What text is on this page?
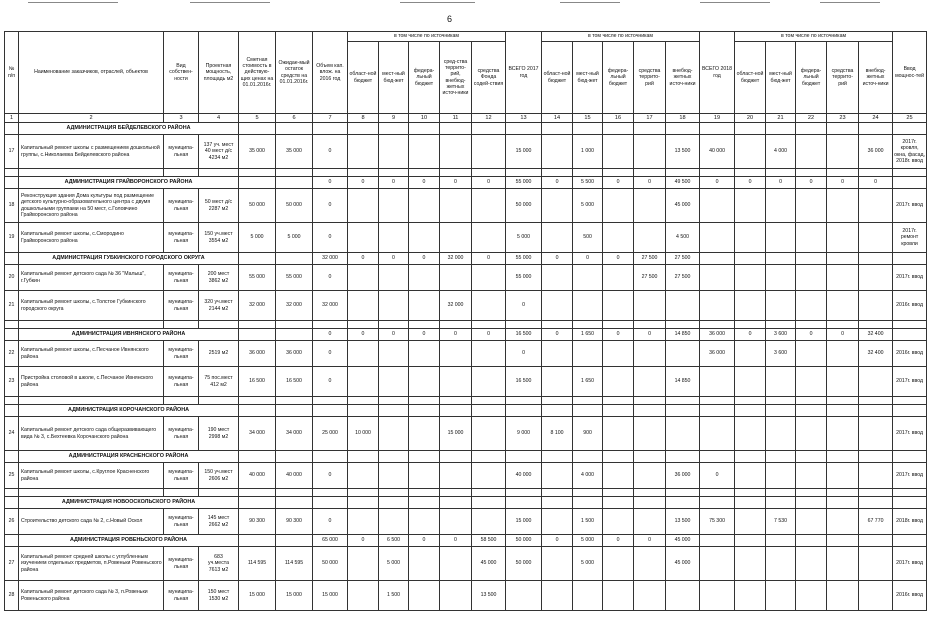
6
№
п/п	Наименование заказчиков, отраслей, объектов	Вид собствен-ности	Проектная мощность, площадь м2	Сметная стоимость в действую-щих ценах на 01.01.2016г.	Ожидае-мый остаток средств на 01.01.2016г.	Объем кап. влож. на 2016 год	в том числе по источникам					ВСЕГО 2017 год	в том числе по источникам					ВСЕГО 2018 год	в том числе по источникам					Ввод мощнос-тей
							област-ной бюджет	мест-ный бюд-жет	федера-льный бюджет	сред-ства террито-рий, внебюд-жетных источ-ники	средства Фонда содей-ствия		област-ной бюджет	мест-ный бюд-жет	федера-льный бюджет	средства террито-рий	внебюд-жетных источ-ники		област-ной бюджет	мест-ный бюд-жет	федера-льный бюджет	средства террито-рий	внебюд-жетных источ-ники	
1	2	3	4	5	6	7	8	9	10	11	12	13	14	15	16	17	18	19	20	21	22	23	24	25
	АДМИНИСТРАЦИЯ БЕЙДЕЛЕВСКОГО РАЙОНА																							
17	Капитальный ремонт школы с размещением дошкольной группы, с.Николаевка Бейделевского района	муниципа-льная	137 уч. мест
40 мест д/с
4234 м2	35 000	35 000	0						15 000		1 000			13 500	40 000		4 000			36 000	2017г. кровля, окна, фасад, 2018г. ввод

	АДМИНИСТРАЦИЯ ГРАЙВОРОНСКОГО РАЙОНА					0	0	0	0	0	0	55 000	0	5 500	0	0	49 500	0	0	0	0	0	0	
18	Реконструкция здания Дома культуры под размещение детского культурно-образовательного центра с двумя дошкольными группами на 50 мест, с.Головчино Грайворонского района	муниципа-льная	50 мест д/с
2287 м2	50 000	50 000	0						50 000		5 000			45 000							2017г. ввод
19	Капитальный ремонт школы, с.Смородино Грайворонского района	муниципа-льная	150 уч.мест
3554 м2	5 000	5 000	0						5 000		500			4 500							2017г. ремонт кровли
	АДМИНИСТРАЦИЯ ГУБКИНСКОГО ГОРОДСКОГО ОКРУГА					32 000	0	0	0	32 000	0	55 000	0	0	0	27 500	27 500							
20	Капитальный ремонт детского сада № 36 "Малыш", г.Губкин	муниципа-льная	200 мест
3862 м2	55 000	55 000	0						55 000				27 500	27 500							2017г. ввод
21	Капитальный ремонт школы, с.Толстое Губкинского городского округа	муниципа-льная	320 уч.мест
2144 м2	32 000	32 000	32 000				32 000		0												2016г. ввод

	АДМИНИСТРАЦИЯ ИВНЯНСКОГО РАЙОНА					0	0	0	0	0	0	16 500	0	1 650	0	0	14 850	36 000	0	3 600	0	0	32 400	
22	Капитальный ремонт школы, с.Песчаное Ивнянского района	муниципа-льная	2519 м2	36 000	36 000	0						0						36 000		3 600			32 400	2016г. ввод
23	Пристройка столовой в школе, с.Песчаное Ивнянского района	муниципа-льная	75 пос.мест
412 м2	16 500	16 500	0						16 500		1 650			14 850							2017г. ввод

	АДМИНИСТРАЦИЯ КОРОЧАНСКОГО РАЙОНА																							
24	Капитальный ремонт детского сада общеразвивающего вида № 3, с.Бехтеевка Корочанского района	муниципа-льная	190 мест
2998 м2	34 000	34 000	25 000	10 000			15 000		9 000	8 100	900										2017г. ввод
	АДМИНИСТРАЦИЯ КРАСНЕНСКОГО РАЙОНА																							
25	Капитальный ремонт школы, с.Круглое Красненского района	муниципа-льная	150 уч.мест
2606 м2	40 000	40 000	0						40 000		4 000			36 000	0						2017г. ввод

	АДМИНИСТРАЦИЯ НОВООСКОЛЬСКОГО РАЙОНА																							
26	Строительство детского сада № 2, с.Новый Оскол	муниципа-льная	145 мест
2662 м2	90 300	90 300	0						15 000		1 500			13 500	75 300		7 530			67 770	2018г. ввод
	АДМИНИСТРАЦИЯ РОВЕНЬСКОГО РАЙОНА					65 000	0	6 500	0	0	58 500	50 000	0	5 000	0	0	45 000							
27	Капитальный ремонт средней школы с углубленным изучением отдельных предметов, п.Ровеньки Ровеньского района	муниципа-льная	683
уч.места
7613 м2	114 595	114 595	50 000		5 000			45 000	50 000		5 000			45 000							2017г. ввод
28	Капитальный ремонт детского сада № 3, п.Ровеньки Ровеньского района	муниципа-льная	150 мест
1530 м2	15 000	15 000	15 000		1 500			13 500													2016г. ввод
